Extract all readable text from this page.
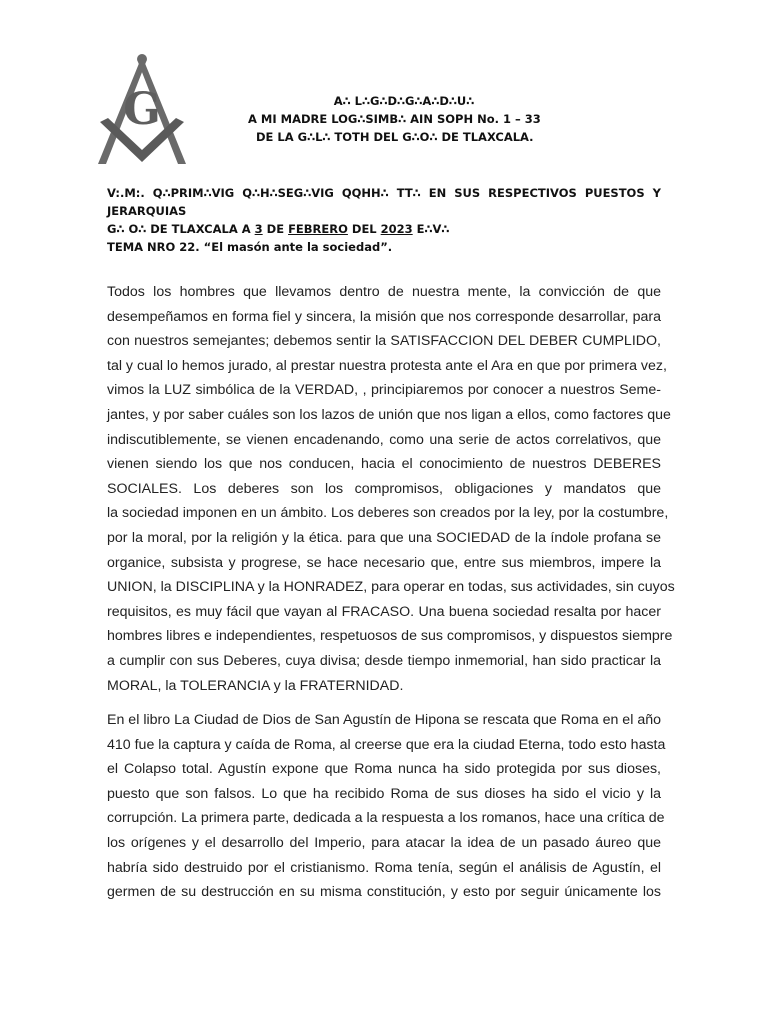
G	A∴ L∴G∴D∴G∴A∴D∴U∴
A MI MADRE LOG∴SIMB∴ AIN SOPH No. 1 – 33
DE LA G∴L∴ TOTH DEL G∴O∴ DE TLAXCALA.
V:.M:. Q∴PRIM∴VIG Q∴H∴SEG∴VIG QQHH∴ TT∴ EN SUS RESPECTIVOS PUESTOS Y
JERARQUIAS
G∴ O∴ DE TLAXCALA A 3 DE FEBRERO DEL 2023 E∴V∴
TEMA NRO 22. “El masón ante la sociedad”.
Todos los hombres que llevamos dentro de nuestra mente, la convicción de que
desempeñamos en forma fiel y sincera, la misión que nos corresponde desarrollar, para
con nuestros semejantes; debemos sentir la SATISFACCION DEL DEBER CUMPLIDO,
tal y cual lo hemos jurado, al prestar nuestra protesta ante el Ara en que por primera vez,
vimos la LUZ simbólica de la VERDAD, , principiaremos por conocer a nuestros Seme-
jantes, y por saber cuáles son los lazos de unión que nos ligan a ellos, como factores que
indiscutiblemente, se vienen encadenando, como una serie de actos correlativos, que
vienen siendo los que nos conducen, hacia el conocimiento de nuestros DEBERES
SOCIALES. Los deberes son los compromisos, obligaciones y mandatos que
la sociedad imponen en un ámbito. Los deberes son creados por la ley, por la costumbre,
por la moral, por la religión y la ética. para que una SOCIEDAD de la índole profana se
organice, subsista y progrese, se hace necesario que, entre sus miembros, impere la
UNION, la DISCIPLINA y la HONRADEZ, para operar en todas, sus actividades, sin cuyos
requisitos, es muy fácil que vayan al FRACASO. Una buena sociedad resalta por hacer
hombres libres e independientes, respetuosos de sus compromisos, y dispuestos siempre
a cumplir con sus Deberes, cuya divisa; desde tiempo inmemorial, han sido practicar la
MORAL, la TOLERANCIA y la FRATERNIDAD.
En el libro La Ciudad de Dios de San Agustín de Hipona se rescata que Roma en el año
410 fue la captura y caída de Roma, al creerse que era la ciudad Eterna, todo esto hasta
el Colapso total. Agustín expone que Roma nunca ha sido protegida por sus dioses,
puesto que son falsos. Lo que ha recibido Roma de sus dioses ha sido el vicio y la
corrupción. La primera parte, dedicada a la respuesta a los romanos, hace una crítica de
los orígenes y el desarrollo del Imperio, para atacar la idea de un pasado áureo que
habría sido destruido por el cristianismo. Roma tenía, según el análisis de Agustín, el
germen de su destrucción en su misma constitución, y esto por seguir únicamente los
